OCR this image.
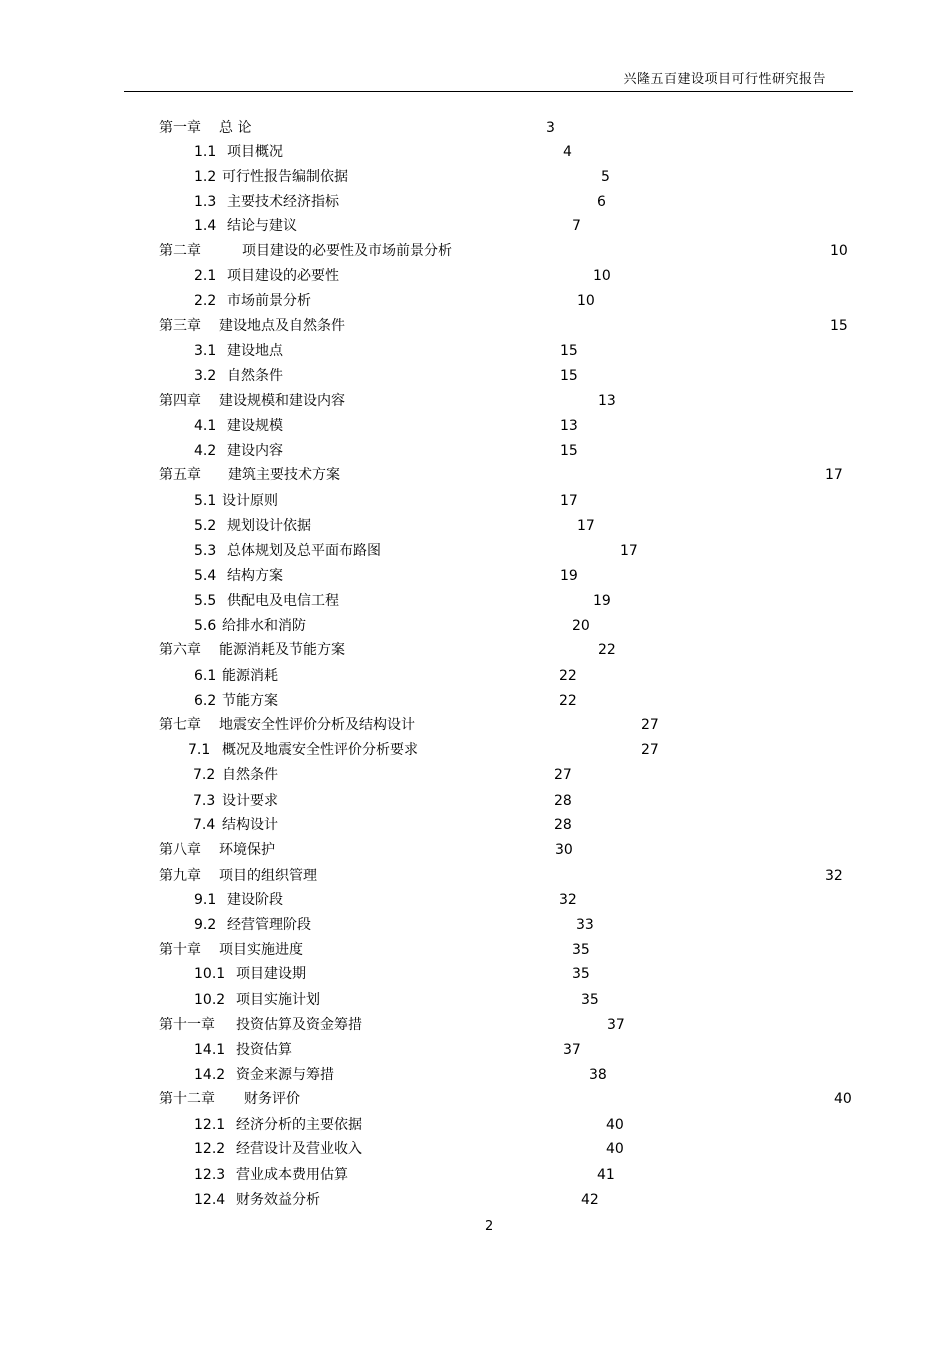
兴隆五百建设项目可行性研究报告
第一章 总 论	3
1.1 项目概况	4
1.2 可行性报告编制依据	5
1.3 主要技术经济指标	6
1.4 结论与建议	7
第二章	项目建设的必要性及市场前景分析	10
2.1 项目建设的必要性	10
2.2 市场前景分析	10
第三章 建设地点及自然条件	15
3.1 建设地点	15
3.2 自然条件	15
第四章 建设规模和建设内容	13
4.1 建设规模	13
4.2 建设内容	15
第五章 建筑主要技术方案	17
5.1 设计原则	17
5.2 规划设计依据	17
5.3 总体规划及总平面布路图	17
5.4 结构方案	19
5.5 供配电及电信工程	19
5.6 给排水和消防	20
第六章 能源消耗及节能方案	22
6.1 能源消耗	22
6.2 节能方案	22
第七章 地震安全性评价分析及结构设计	27
7.1 概况及地震安全性评价分析要求	27
7.2 自然条件	27
7.3 设计要求	28
7.4 结构设计	28
第八章 环境保护	30
第九章 项目的组织管理	32
9.1 建设阶段	32
9.2 经营管理阶段	33
第十章 项目实施进度	35
10.1 项目建设期	35
10.2 项目实施计划	35
第十一章 投资估算及资金筹措	37
14.1 投资估算	37
14.2 资金来源与筹措	38
第十二章 财务评价	40
12.1 经济分析的主要依据	40
12.2 经营设计及营业收入	40
12.3 营业成本费用估算	41
12.4 财务效益分析	42
2
